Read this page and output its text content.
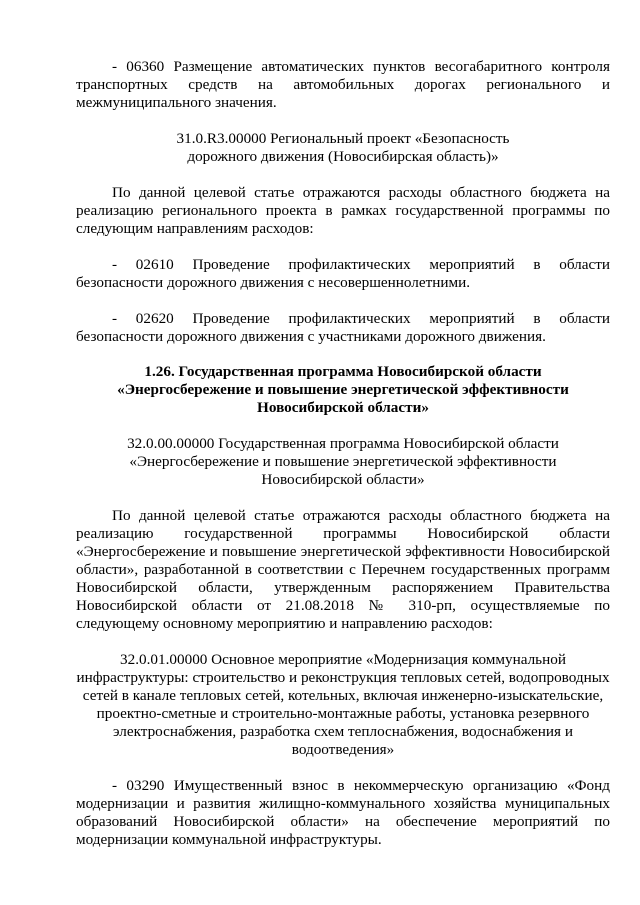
- 06360 Размещение автоматических пунктов весогабаритного контроля транспортных средств на автомобильных дорогах регионального и межмуниципального значения.

31.0.R3.00000 Региональный проект «Безопасность
дорожного движения (Новосибирская область)»

По данной целевой статье отражаются расходы областного бюджета на реализацию регионального проекта в рамках государственной программы по следующим направлениям расходов:

- 02610 Проведение профилактических мероприятий в области безопасности дорожного движения с несовершеннолетними.

- 02620 Проведение профилактических мероприятий в области безопасности дорожного движения с участниками дорожного движения.

1.26. Государственная программа Новосибирской области
«Энергосбережение и повышение энергетической эффективности
Новосибирской области»
32.0.00.00000 Государственная программа Новосибирской области
«Энергосбережение и повышение энергетической эффективности
Новосибирской области»

По данной целевой статье отражаются расходы областного бюджета на реализацию государственной программы Новосибирской области «Энергосбережение и повышение энергетической эффективности Новосибирской области», разработанной в соответствии с Перечнем государственных программ Новосибирской области, утвержденным распоряжением Правительства Новосибирской области от 21.08.2018 № 310-рп, осуществляемые по следующему основному мероприятию и направлению расходов:

32.0.01.00000 Основное мероприятие «Модернизация коммунальной
инфраструктуры: строительство и реконструкция тепловых сетей, водопроводных
сетей в канале тепловых сетей, котельных, включая инженерно-изыскательские,
проектно-сметные и строительно-монтажные работы, установка резервного
электроснабжения, разработка схем теплоснабжения, водоснабжения и
водоотведения»

- 03290 Имущественный взнос в некоммерческую организацию «Фонд модернизации и развития жилищно-коммунального хозяйства муниципальных образований Новосибирской области» на обеспечение мероприятий по модернизации коммунальной инфраструктуры.
